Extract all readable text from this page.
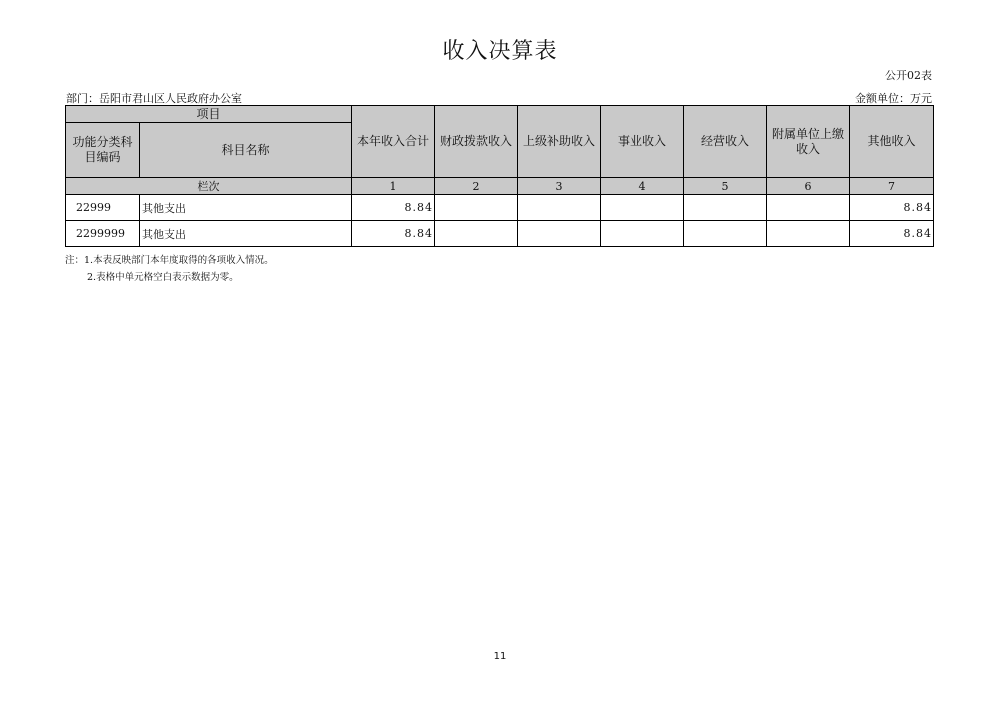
收入决算表
公开02表
部门：岳阳市君山区人民政府办公室	金额单位：万元
项目		本年收入合计	财政拨款收入	上级补助收入	事业收入	经营收入	附属单位上缴收入	其他收入
功能分类科目编码	科目名称							
栏次		1	2	3	4	5	6	7
22999	其他支出	8.84						8.84
2299999	其他支出	8.84						8.84
注：1.本表反映部门本年度取得的各项收入情况。
2.表格中单元格空白表示数据为零。
11
